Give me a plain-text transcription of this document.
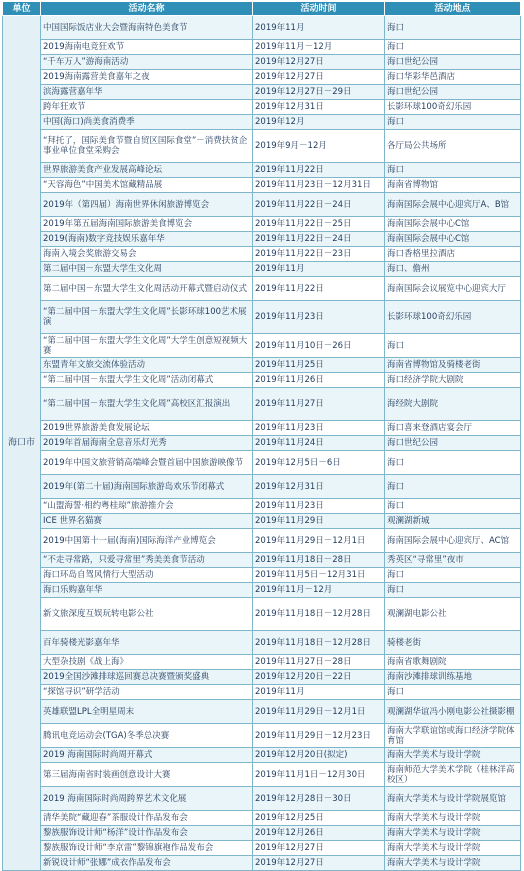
单位	活动名称	活动时间	活动地点
海口市	中国国际饭店业大会暨海南特色美食节	2019年11月	海口
	2019海南电竞狂欢节	2019年11月－12月	海口
	“千车万人”游海南活动	2019年12月27日	海口世纪公园
	2019海南露营美食嘉年之夜	2019年12月27日	海口华彩华邑酒店
	滨海露营嘉年华	2019年12月27日－29日	海口世纪公园
	跨年狂欢节	2019年12月31日	长影环球100奇幻乐园
	中国(海口)尚美食消费季	2019年12月	海口
	“拜托了，国际美食节暨自贸区国际食堂”－消费扶贫企事业单位食堂采购会	2019年9月－12月	各厅局公共场所
	世界旅游美食产业发展高峰论坛	2019年11月22日	海口
	“天容海色”中国美术馆藏精品展	2019年11月23日－12月31日	海南省博物馆
	2019年（第四届）海南世界休闲旅游博览会	2019年11月22日－24日	海南国际会展中心迎宾厅A、B馆
	2019年第五届海南国际旅游美食博览会	2019年11月22日－25日	海南国际会展中心C馆
	2019(海南)数字竞技娱乐嘉年华	2019年11月22日－24日	海南国际会展中心C馆
	海南入境会奖旅游交易会	2019年11月22日－23日	海口香格里拉酒店
	第二届中国－东盟大学生文化周	2019年11月	海口、儋州
	第二届中国－东盟大学生文化周活动开幕式暨启动仪式	2019年11月22日	海南国际会议展览中心迎宾大厅
	“第二届中国－东盟大学生文化周”长影环球100艺术展演	2019年11月23日	长影环球100奇幻乐园
	“第二届中国－东盟大学生文化周”大学生创意短视频大赛	2019年11月10日－26日	海口
	东盟青年文旅交流体验活动	2019年11月25日	海南省博物馆及骑楼老街
	“第二届中国－东盟大学生文化周”活动闭幕式	2019年11月26日	海口经济学院大剧院
	“第二届中国－东盟大学生文化周”高校区汇报演出	2019年11月27日	海经院大剧院
	2019世界旅游美食发展论坛	2019年11月23日	海口喜来登酒店宴会厅
	2019年首届海南全息音乐灯光秀	2019年11月24日	海口世纪公园
	2019年中国文旅营销高端峰会暨首届中国旅游映像节	2019年12月5日－6日	海口
	2019年(第二十届)海南国际旅游岛欢乐节闭幕式	2019年12月31日	海口
	“山盟海誓·相约粤桂琼”旅游推介会	2019年11月23日	海口
	ICE 世界名猫赛	2019年11月29日	观澜湖新城
	2019中国第十一届(海南)国际海洋产业博览会	2019年11月29日－12月1日	海南国际会展中心迎宾厅、AC馆
	“不走寻常路，只爱寻常里”秀美美食节活动	2019年11月18日－28日	秀英区“寻常里”夜市
	海口环岛自驾风情行大型活动	2019年11月5日－12月31日	海口
	海口乐购嘉年华	2019年11月－12月	海口
	新文旅深度互娱玩转电影公社	2019年11月18日－12月28日	观澜湖电影公社
	百年骑楼光影嘉年华	2019年11月18日－12月28日	骑楼老街
	大型杂技剧《战上海》	2019年11月27日－28日	海南省歌舞剧院
	2019全国沙滩排球巡回赛总决赛暨颁奖盛典	2019年12月20日－22日	海南沙滩排球训练基地
	“探馆寻识”研学活动	2019年11月	海口
	英雄联盟LPL全明星周末	2019年11月29日－12月1日	观澜湖华谊冯小刚电影公社摄影棚
	腾讯电竞运动会(TGA)冬季总决赛	2019年11月29日－12月23日	海南大学联谊馆或海口经济学院体育馆
	2019 海南国际时尚周开幕式	2019年12月20日(拟定)	海南大学美术与设计学院
	第三届海南省时装画创意设计大赛	2019年11月1日－12月30日	海南师范大学美术学院（桂林洋高校区）
	2019 海南国际时尚周跨界艺术文化展	2019年12月28日－30日	海南大学美术与设计学院展览馆
	清华美院“藏迎春”茶服设计作品发布会	2019年12月25日	海南大学美术与设计学院
	黎族服饰设计师“杨洋”设计作品发布会	2019年12月26日	海南大学美术与设计学院
	黎族服饰设计师“李京雷”黎锦旗袍作品发布会	2019年12月27日	海南大学美术与设计学院
	新锐设计师“张娜”成衣作品发布会	2019年12月27日	海南大学美术与设计学院
